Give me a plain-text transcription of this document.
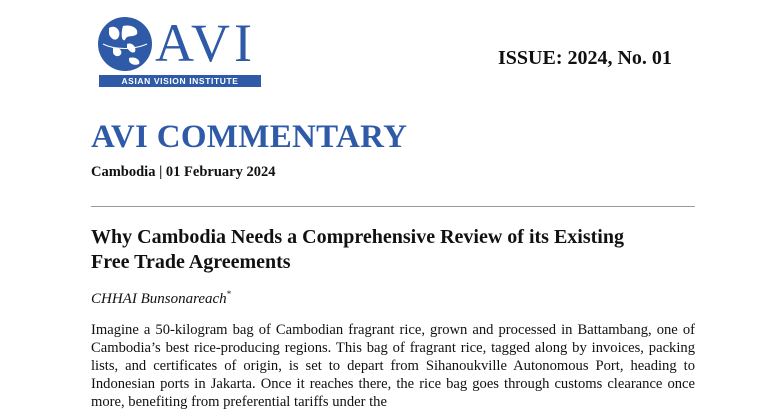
AVI
ASIAN VISION INSTITUTE
ISSUE: 2024, No. 01
AVI COMMENTARY
Cambodia | 01 February 2024
Why Cambodia Needs a Comprehensive Review of its Existing Free Trade Agreements
CHHAI Bunsonareach*
Imagine a 50-kilogram bag of Cambodian fragrant rice, grown and processed in Battambang, one of Cambodia’s best rice-producing regions. This bag of fragrant rice, tagged along by invoices, packing lists, and certificates of origin, is set to depart from Sihanoukville Autonomous Port, heading to Indonesian ports in Jakarta. Once it reaches there, the rice bag goes through customs clearance once more, benefiting from preferential tariffs under the
